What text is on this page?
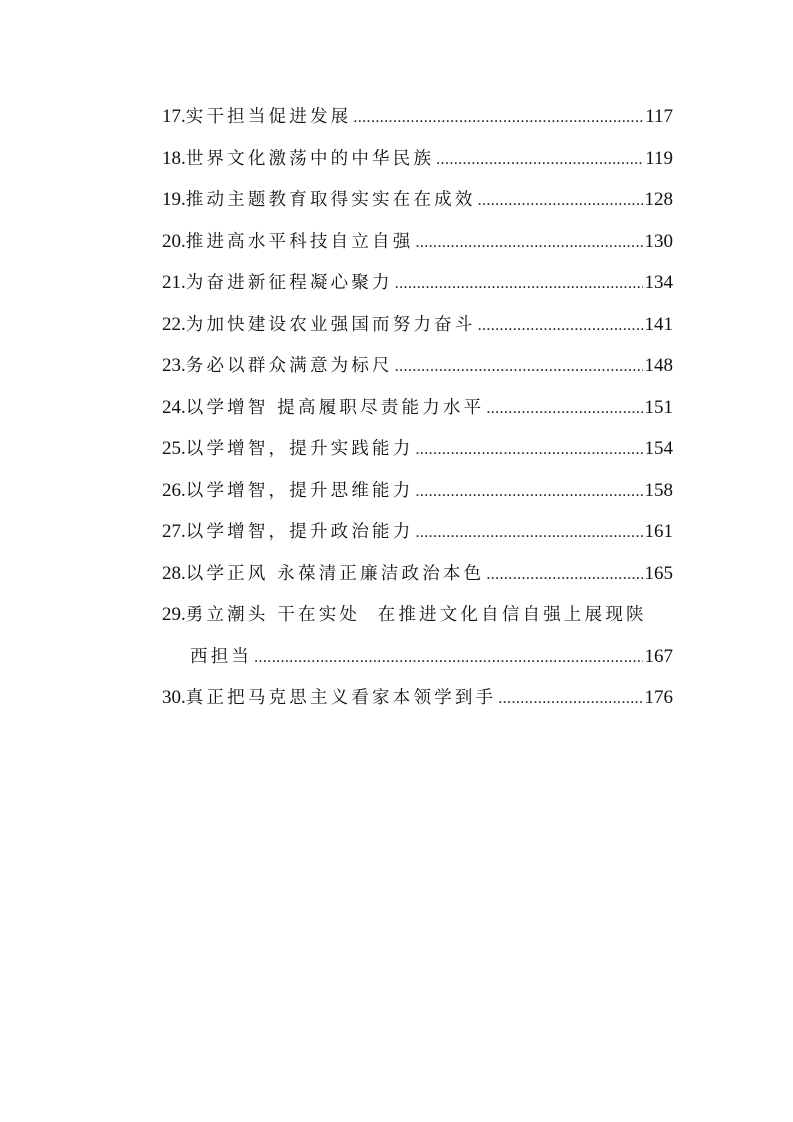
17. 实干担当促进发展 .....	117
18. 世界文化激荡中的中华民族 .....	119
19. 推动主题教育取得实实在在成效 .....	128
20. 推进高水平科技自立自强 .....	130
21. 为奋进新征程凝心聚力 .....	134
22. 为加快建设农业强国而努力奋斗 .....	141
23. 务必以群众满意为标尺 .....	148
24. 以学增智 提高履职尽责能力水平 .....	151
25. 以学增智，提升实践能力 .....	154
26. 以学增智，提升思维能力 .....	158
27. 以学增智，提升政治能力 .....	161
28. 以学正风 永葆清正廉洁政治本色 .....	165
29. 勇立潮头 干在实处  在推进文化自信自强上展现陕
西担当 .....	167
30. 真正把马克思主义看家本领学到手 .....	176
